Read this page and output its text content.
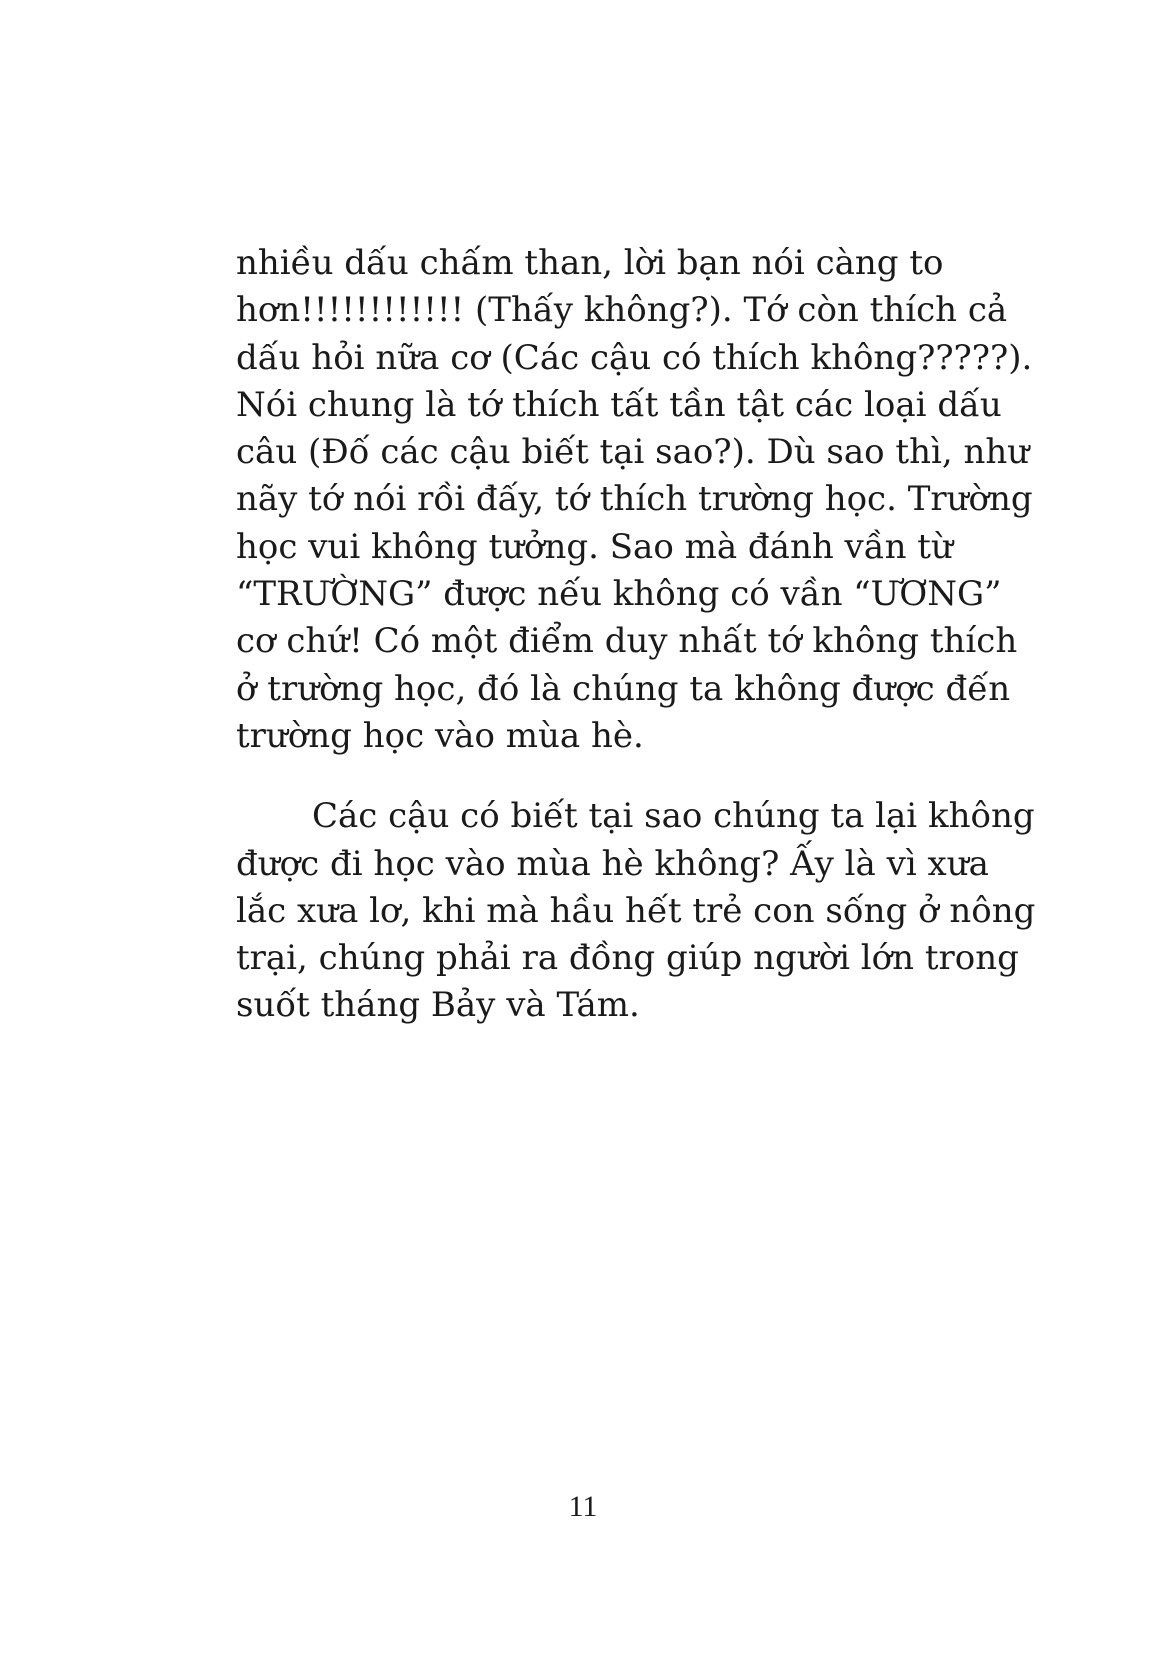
nhiều dấu chấm than, lời bạn nói càng to
hơn!!!!!!!!!!!! (Thấy không?). Tớ còn thích cả
dấu hỏi nữa cơ (Các cậu có thích không?????).
Nói chung là tớ thích tất tần tật các loại dấu
câu (Đố các cậu biết tại sao?). Dù sao thì, như
nãy tớ nói rồi đấy, tớ thích trường học. Trường
học vui không tưởng. Sao mà đánh vần từ
“TRƯỜNG” được nếu không có vần “ƯƠNG”
cơ chứ! Có một điểm duy nhất tớ không thích
ở trường học, đó là chúng ta không được đến
trường học vào mùa hè.
Các cậu có biết tại sao chúng ta lại không
được đi học vào mùa hè không? Ấy là vì xưa
lắc xưa lơ, khi mà hầu hết trẻ con sống ở nông
trại, chúng phải ra đồng giúp người lớn trong
suốt tháng Bảy và Tám.
11
